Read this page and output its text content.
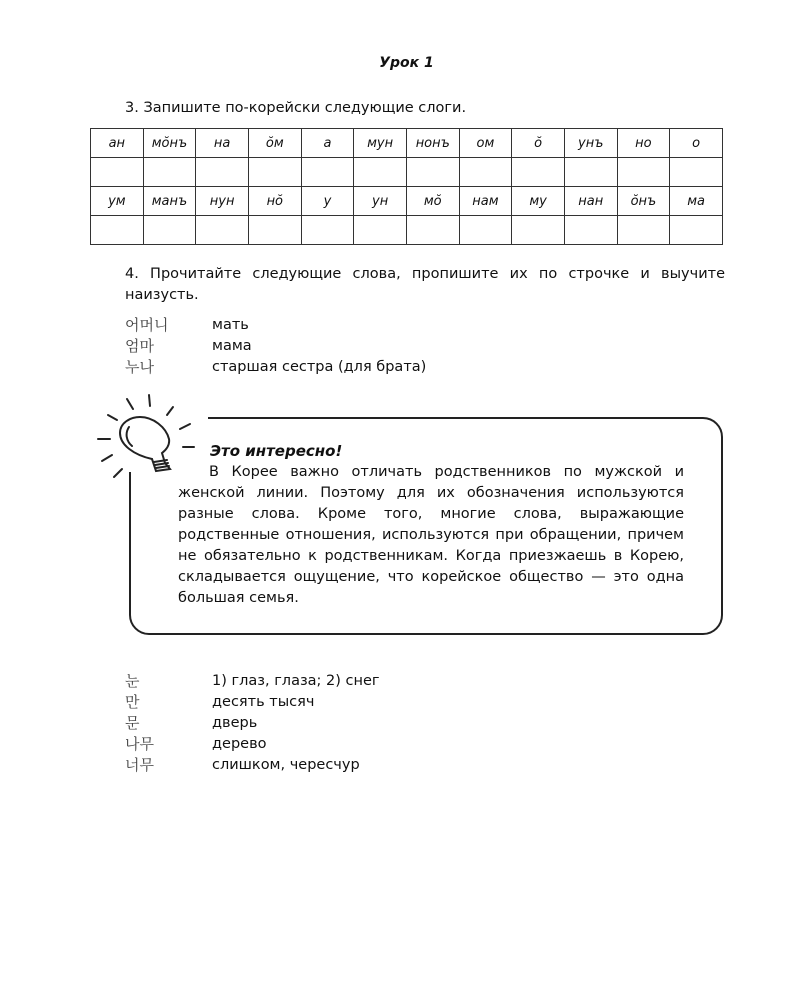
Урок 1
3. Запишите по-корейски следующие слоги.
ан	мŏнъ	на	ŏм	а	мун	нонъ	ом	ŏ	унъ	но	о

ум	манъ	нун	нŏ	у	ун	мŏ	нам	му	нан	ŏнъ	ма

4. Прочитайте следующие слова, пропишите их по строчке и выучите наизусть.
어머니	мать
엄마	мама
누나	старшая сестра (для брата)
Это интересно!
В Корее важно отличать родственников по мужской и женской линии. Поэтому для их обозначения используются разные слова. Кроме того, многие слова, выражающие родственные отношения, используются при обращении, причем не обязательно к родственникам. Когда приезжаешь в Корею, складывается ощущение, что корейское общество — это одна большая семья.
눈	1) глаз, глаза; 2) снег
만	десять тысяч
문	дверь
나무	дерево
너무	слишком, чересчур
